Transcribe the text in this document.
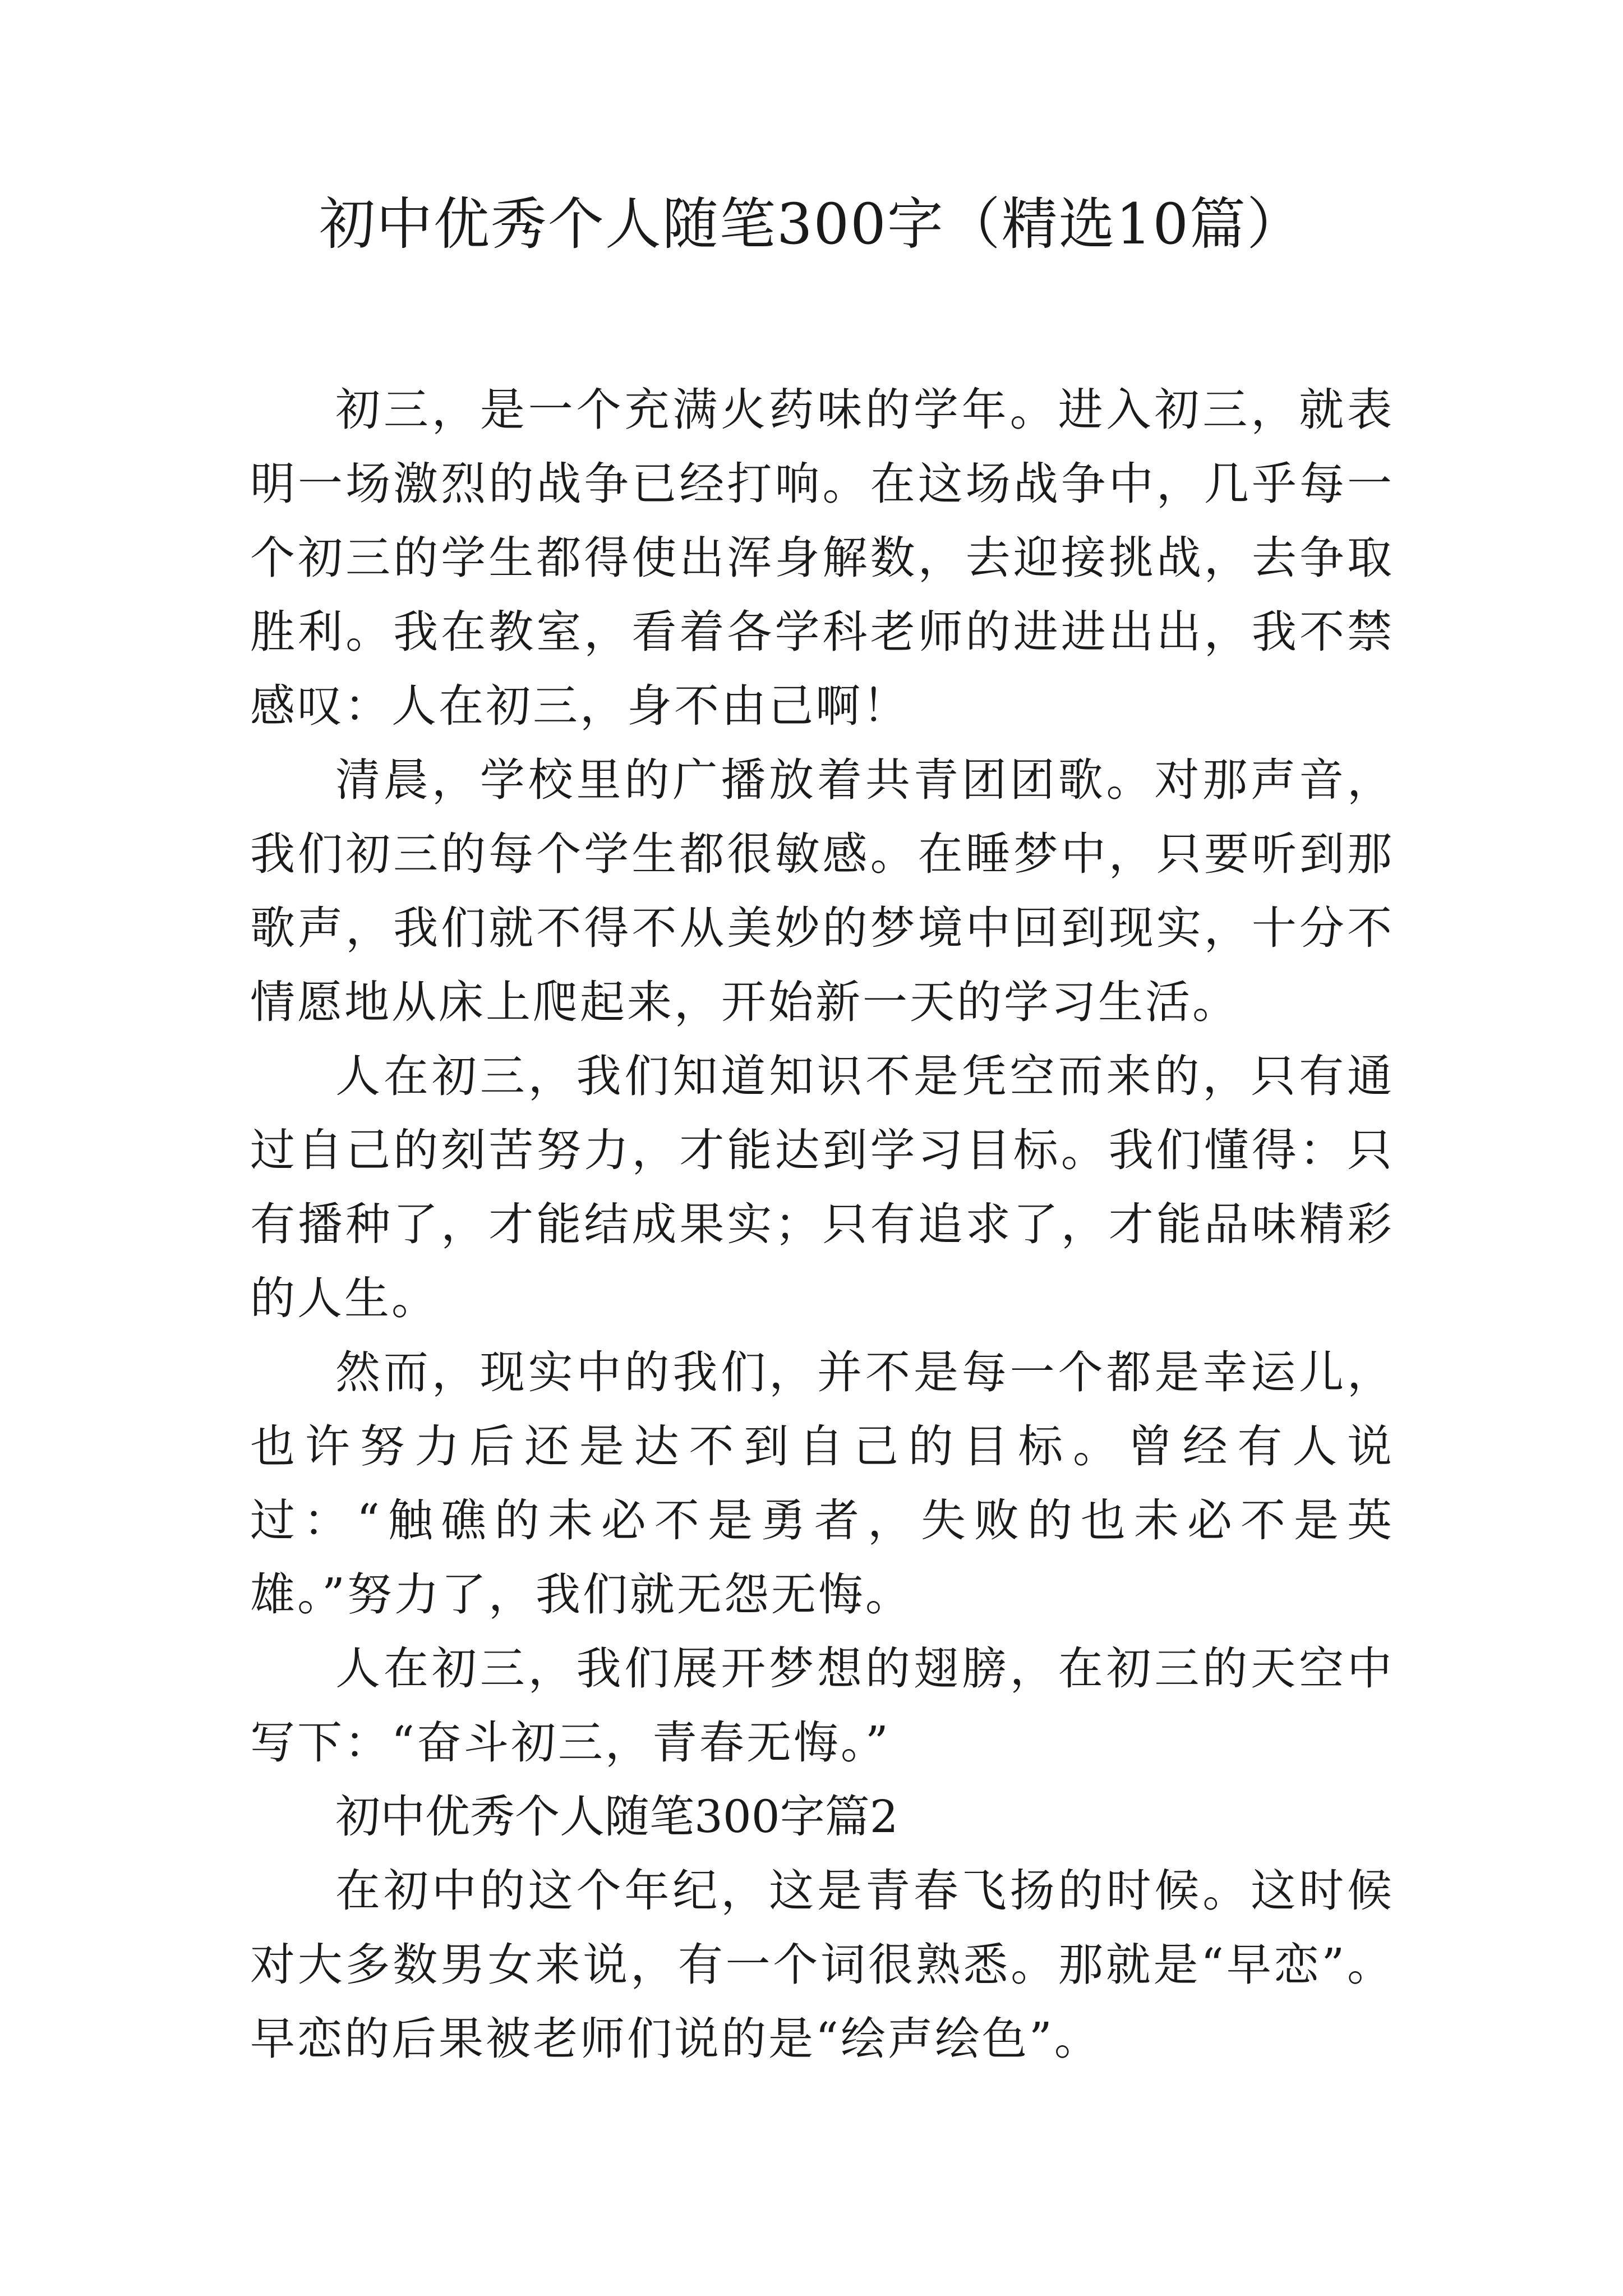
初中优秀个人随笔300字（精选10篇）

初三，是一个充满火药味的学年。进入初三，就表明一场激烈的战争已经打响。在这场战争中，几乎每一个初三的学生都得使出浑身解数，去迎接挑战，去争取胜利。我在教室，看着各学科老师的进进出出，我不禁感叹：人在初三，身不由己啊！

清晨，学校里的广播放着共青团团歌。对那声音，我们初三的每个学生都很敏感。在睡梦中，只要听到那歌声，我们就不得不从美妙的梦境中回到现实，十分不情愿地从床上爬起来，开始新一天的学习生活。

人在初三，我们知道知识不是凭空而来的，只有通过自己的刻苦努力，才能达到学习目标。我们懂得：只有播种了，才能结成果实；只有追求了，才能品味精彩的人生。

然而，现实中的我们，并不是每一个都是幸运儿，也许努力后还是达不到自己的目标。曾经有人说过：“触礁的未必不是勇者，失败的也未必不是英雄。”努力了，我们就无怨无悔。

人在初三，我们展开梦想的翅膀，在初三的天空中写下：“奋斗初三，青春无悔。”

初中优秀个人随笔300字篇2

在初中的这个年纪，这是青春飞扬的时候。这时候对大多数男女来说，有一个词很熟悉。那就是“早恋”。早恋的后果被老师们说的是“绘声绘色”。
